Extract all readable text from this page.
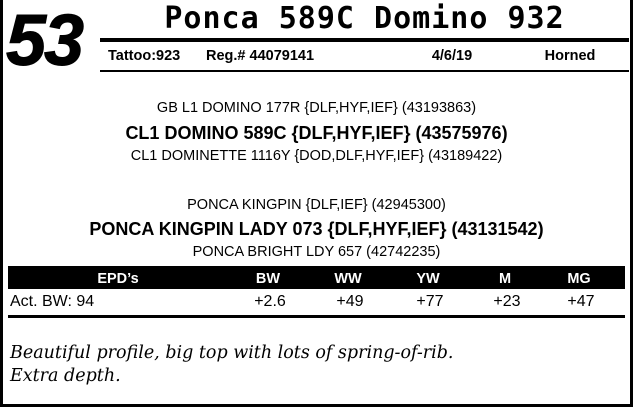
53	Ponca 589C Domino 932
Tattoo:923	Reg.# 44079141	4/6/19	Horned
GB L1 DOMINO 177R {DLF,HYF,IEF} (43193863)
CL1 DOMINO 589C {DLF,HYF,IEF} (43575976)
CL1 DOMINETTE 1116Y {DOD,DLF,HYF,IEF} (43189422)
PONCA KINGPIN {DLF,IEF} (42945300)
PONCA KINGPIN LADY 073 {DLF,HYF,IEF} (43131542)
PONCA BRIGHT LDY 657 (42742235)
EPD’s	BW	WW	YW	M	MG
Act. BW: 94	+2.6	+49	+77	+23	+47
Beautiful profile, big top with lots of spring-of-rib.
Extra depth.
